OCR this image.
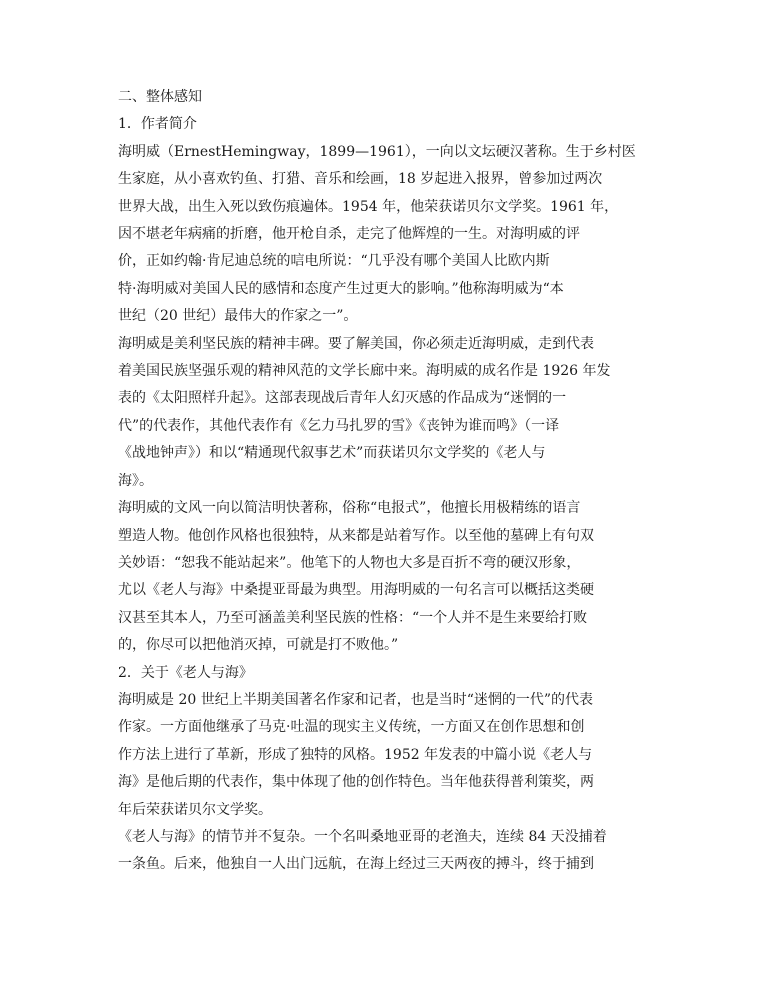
二、整体感知

1．作者简介

海明威（ErnestHemingway，1899—1961），一向以文坛硬汉著称。生于乡村医

生家庭，从小喜欢钓鱼、打猎、音乐和绘画，18 岁起进入报界，曾参加过两次

世界大战，出生入死以致伤痕遍体。1954 年，他荣获诺贝尔文学奖。1961 年，

因不堪老年病痛的折磨，他开枪自杀，走完了他辉煌的一生。对海明威的评

价，正如约翰·肯尼迪总统的唁电所说：“几乎没有哪个美国人比欧内斯

特·海明威对美国人民的感情和态度产生过更大的影响。”他称海明威为“本

世纪（20 世纪）最伟大的作家之一”。

海明威是美利坚民族的精神丰碑。要了解美国，你必须走近海明威，走到代表

着美国民族坚强乐观的精神风范的文学长廊中来。海明威的成名作是 1926 年发

表的《太阳照样升起》。这部表现战后青年人幻灭感的作品成为“迷惘的一

代”的代表作，其他代表作有《乞力马扎罗的雪》《丧钟为谁而鸣》（一译

《战地钟声》）和以“精通现代叙事艺术”而获诺贝尔文学奖的《老人与

海》。

海明威的文风一向以简洁明快著称，俗称“电报式”，他擅长用极精练的语言

塑造人物。他创作风格也很独特，从来都是站着写作。以至他的墓碑上有句双

关妙语：“恕我不能站起来”。他笔下的人物也大多是百折不弯的硬汉形象，

尤以《老人与海》中桑提亚哥最为典型。用海明威的一句名言可以概括这类硬

汉甚至其本人，乃至可涵盖美利坚民族的性格：“一个人并不是生来要给打败

的，你尽可以把他消灭掉，可就是打不败他。”

2．关于《老人与海》

海明威是 20 世纪上半期美国著名作家和记者，也是当时“迷惘的一代”的代表

作家。一方面他继承了马克·吐温的现实主义传统，一方面又在创作思想和创

作方法上进行了革新，形成了独特的风格。1952 年发表的中篇小说《老人与

海》是他后期的代表作，集中体现了他的创作特色。当年他获得普利策奖，两

年后荣获诺贝尔文学奖。

《老人与海》的情节并不复杂。一个名叫桑地亚哥的老渔夫，连续 84 天没捕着

一条鱼。后来，他独自一人出门远航，在海上经过三天两夜的搏斗，终于捕到
